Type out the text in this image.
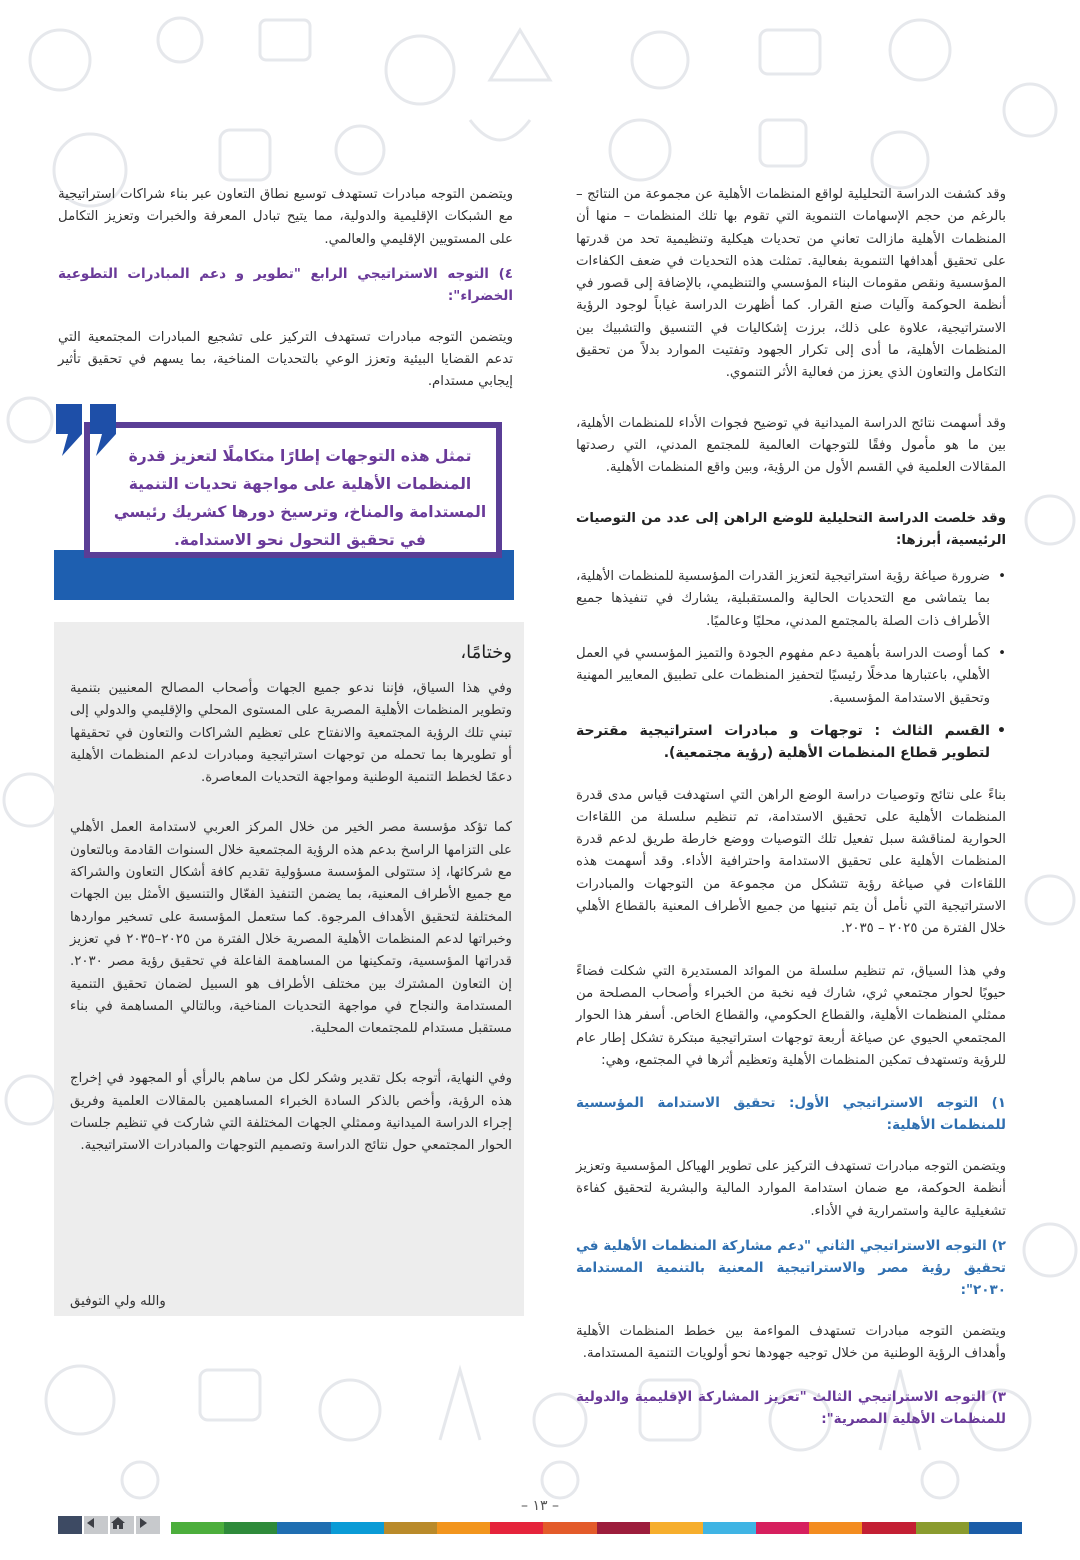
وقد كشفت الدراسة التحليلية لواقع المنظمات الأهلية عن مجموعة من النتائج – بالرغم من حجم الإسهامات التنموية التي تقوم بها تلك المنظمات – منها أن المنظمات الأهلية مازالت تعاني من تحديات هيكلية وتنظيمية تحد من قدرتها على تحقيق أهدافها التنموية بفعالية. تمثلت هذه التحديات في ضعف الكفاءات المؤسسية ونقص مقومات البناء المؤسسي والتنظيمي، بالإضافة إلى قصور في أنظمة الحوكمة وآليات صنع القرار. كما أظهرت الدراسة غياباً لوجود الرؤية الاستراتيجية، علاوة على ذلك، برزت إشكاليات في التنسيق والتشبيك بين المنظمات الأهلية، ما أدى إلى تكرار الجهود وتفتيت الموارد بدلاً من تحقيق التكامل والتعاون الذي يعزز من فعالية الأثر التنموي.

وقد أسهمت نتائج الدراسة الميدانية في توضيح فجوات الأداء للمنظمات الأهلية، بين ما هو مأمول وفقًا للتوجهات العالمية للمجتمع المدني، التي رصدتها المقالات العلمية في القسم الأول من الرؤية، وبين واقع المنظمات الأهلية.

وقد خلصت الدراسة التحليلية للوضع الراهن إلى عدد من التوصيات الرئيسية، أبرزها:

• ضرورة صياغة رؤية استراتيجية لتعزيز القدرات المؤسسية للمنظمات الأهلية، بما يتماشى مع التحديات الحالية والمستقبلية، يشارك في تنفيذها جميع الأطراف ذات الصلة بالمجتمع المدني، محليًا وعالميًا.
• كما أوصت الدراسة بأهمية دعم مفهوم الجودة والتميز المؤسسي في العمل الأهلي، باعتبارها مدخلًا رئيسيًا لتحفيز المنظمات على تطبيق المعايير المهنية وتحقيق الاستدامة المؤسسية.
• القسم الثالث : توجهات و مبادرات استراتيجية مقترحة لتطوير قطاع المنظمات الأهلية (رؤية مجتمعية).

بناءً على نتائج وتوصيات دراسة الوضع الراهن التي استهدفت قياس مدى قدرة المنظمات الأهلية على تحقيق الاستدامة، تم تنظيم سلسلة من اللقاءات الحوارية لمناقشة سبل تفعيل تلك التوصيات ووضع خارطة طريق لدعم قدرة المنظمات الأهلية على تحقيق الاستدامة واحترافية الأداء. وقد أسهمت هذه اللقاءات في صياغة رؤية تتشكل من مجموعة من التوجهات والمبادرات الاستراتيجية التي نأمل أن يتم تبنيها من جميع الأطراف المعنية بالقطاع الأهلي خلال الفترة من ٢٠٢٥ – ٢٠٣٥.

وفي هذا السياق، تم تنظيم سلسلة من الموائد المستديرة التي شكلت فضاءً حيويًا لحوار مجتمعي ثري، شارك فيه نخبة من الخبراء وأصحاب المصلحة من ممثلي المنظمات الأهلية، والقطاع الحكومي، والقطاع الخاص. أسفر هذا الحوار المجتمعي الحيوي عن صياغة أربعة توجهات استراتيجية مبتكرة تشكل إطار عام للرؤية وتستهدف تمكين المنظمات الأهلية وتعظيم أثرها في المجتمع، وهي:

١) التوجه الاستراتيجي الأول: تحقيق الاستدامة المؤسسية للمنظمات الأهلية:

ويتضمن التوجه مبادرات تستهدف التركيز على تطوير الهياكل المؤسسية وتعزيز أنظمة الحوكمة، مع ضمان استدامة الموارد المالية والبشرية لتحقيق كفاءة تشغيلية عالية واستمرارية في الأداء.

٢) التوجه الاستراتيجي الثاني "دعم مشاركة المنظمات الأهلية في تحقيق رؤية مصر والاستراتيجية المعنية بالتنمية المستدامة ٢٠٣٠":

ويتضمن التوجه مبادرات تستهدف المواءمة بين خطط المنظمات الأهلية وأهداف الرؤية الوطنية من خلال توجيه جهودها نحو أولويات التنمية المستدامة.

٣) التوجه الاستراتيجي الثالث "تعزيز المشاركة الإقليمية والدولية للمنظمات الأهلية المصرية":

ويتضمن التوجه مبادرات تستهدف توسيع نطاق التعاون عبر بناء شراكات استراتيجية مع الشبكات الإقليمية والدولية، مما يتيح تبادل المعرفة والخبرات وتعزيز التكامل على المستويين الإقليمي والعالمي.

٤) التوجه الاستراتيجي الرابع "تطوير و دعم المبادرات التطوعية الخضراء":

ويتضمن التوجه مبادرات تستهدف التركيز على تشجيع المبادرات المجتمعية التي تدعم القضايا البيئية وتعزز الوعي بالتحديات المناخية، بما يسهم في تحقيق تأثير إيجابي مستدام.

تمثل هذه التوجهات إطارًا متكاملًا لتعزيز قدرة المنظمات الأهلية على مواجهة تحديات التنمية المستدامة والمناخ، وترسيخ دورها كشريك رئيسي في تحقيق التحول نحو الاستدامة.
وختامًا،

وفي هذا السياق، فإننا ندعو جميع الجهات وأصحاب المصالح المعنيين بتنمية وتطوير المنظمات الأهلية المصرية على المستوى المحلي والإقليمي والدولي إلى تبني تلك الرؤية المجتمعية والانفتاح على تعظيم الشراكات والتعاون في تحقيقها أو تطويرها بما تحمله من توجهات استراتيجية ومبادرات لدعم المنظمات الأهلية دعمًا لخطط التنمية الوطنية ومواجهة التحديات المعاصرة.

كما تؤكد مؤسسة مصر الخير من خلال المركز العربي لاستدامة العمل الأهلي على التزامها الراسخ بدعم هذه الرؤية المجتمعية خلال السنوات القادمة وبالتعاون مع شركائها، إذ ستتولى المؤسسة مسؤولية تقديم كافة أشكال التعاون والشراكة مع جميع الأطراف المعنية، بما يضمن التنفيذ الفعّال والتنسيق الأمثل بين الجهات المختلفة لتحقيق الأهداف المرجوة. كما ستعمل المؤسسة على تسخير مواردها وخبراتها لدعم المنظمات الأهلية المصرية خلال الفترة من ٢٠٢٥–٢٠٣٥ في تعزيز قدراتها المؤسسية، وتمكينها من المساهمة الفاعلة في تحقيق رؤية مصر ٢٠٣٠. إن التعاون المشترك بين مختلف الأطراف هو السبيل لضمان تحقيق التنمية المستدامة والنجاح في مواجهة التحديات المناخية، وبالتالي المساهمة في بناء مستقبل مستدام للمجتمعات المحلية.

وفي النهاية، أتوجه بكل تقدير وشكر لكل من ساهم بالرأي أو المجهود في إخراج هذه الرؤية، وأخص بالذكر السادة الخبراء المساهمين بالمقالات العلمية وفريق إجراء الدراسة الميدانية وممثلي الجهات المختلفة التي شاركت في تنظيم جلسات الحوار المجتمعي حول نتائج الدراسة وتصميم التوجهات والمبادرات الاستراتيجية.

والله ولي التوفيق
– ١٣ –
